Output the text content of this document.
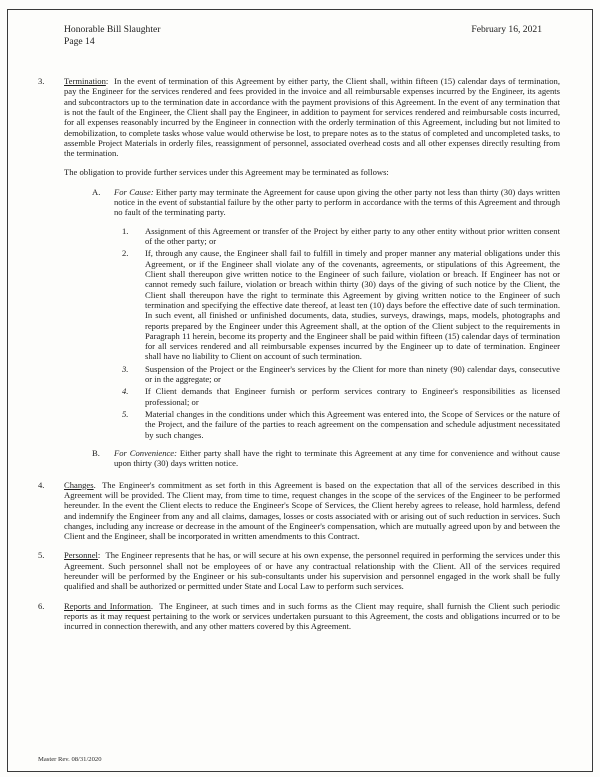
Honorable Bill Slaughter
Page 14
February 16, 2021
3. Termination: In the event of termination of this Agreement by either party, the Client shall, within fifteen (15) calendar days of termination, pay the Engineer for the services rendered and fees provided in the invoice and all reimbursable expenses incurred by the Engineer, its agents and subcontractors up to the termination date in accordance with the payment provisions of this Agreement. In the event of any termination that is not the fault of the Engineer, the Client shall pay the Engineer, in addition to payment for services rendered and reimbursable costs incurred, for all expenses reasonably incurred by the Engineer in connection with the orderly termination of this Agreement, including but not limited to demobilization, to complete tasks whose value would otherwise be lost, to prepare notes as to the status of completed and uncompleted tasks, to assemble Project Materials in orderly files, reassignment of personnel, associated overhead costs and all other expenses directly resulting from the termination.

The obligation to provide further services under this Agreement may be terminated as follows:

A. For Cause: Either party may terminate the Agreement for cause upon giving the other party not less than thirty (30) days written notice in the event of substantial failure by the other party to perform in accordance with the terms of this Agreement and through no fault of the terminating party.
1. Assignment of this Agreement or transfer of the Project by either party to any other entity without prior written consent of the other party; or
2. If, through any cause, the Engineer shall fail to fulfill in timely and proper manner any material obligations under this Agreement, or if the Engineer shall violate any of the covenants, agreements, or stipulations of this Agreement, the Client shall thereupon give written notice to the Engineer of such failure, violation or breach. If Engineer has not or cannot remedy such failure, violation or breach within thirty (30) days of the giving of such notice by the Client, the Client shall thereupon have the right to terminate this Agreement by giving written notice to the Engineer of such termination and specifying the effective date thereof, at least ten (10) days before the effective date of such termination. In such event, all finished or unfinished documents, data, studies, surveys, drawings, maps, models, photographs and reports prepared by the Engineer under this Agreement shall, at the option of the Client subject to the requirements in Paragraph 11 herein, become its property and the Engineer shall be paid within fifteen (15) calendar days of termination for all services rendered and all reimbursable expenses incurred by the Engineer up to date of termination. Engineer shall have no liability to Client on account of such termination.
3. Suspension of the Project or the Engineer's services by the Client for more than ninety (90) calendar days, consecutive or in the aggregate; or
4. If Client demands that Engineer furnish or perform services contrary to Engineer's responsibilities as licensed professional; or
5. Material changes in the conditions under which this Agreement was entered into, the Scope of Services or the nature of the Project, and the failure of the parties to reach agreement on the compensation and schedule adjustment necessitated by such changes.
B. For Convenience: Either party shall have the right to terminate this Agreement at any time for convenience and without cause upon thirty (30) days written notice.
4. Changes. The Engineer's commitment as set forth in this Agreement is based on the expectation that all of the services described in this Agreement will be provided. The Client may, from time to time, request changes in the scope of the services of the Engineer to be performed hereunder. In the event the Client elects to reduce the Engineer's Scope of Services, the Client hereby agrees to release, hold harmless, defend and indemnify the Engineer from any and all claims, damages, losses or costs associated with or arising out of such reduction in services. Such changes, including any increase or decrease in the amount of the Engineer's compensation, which are mutually agreed upon by and between the Client and the Engineer, shall be incorporated in written amendments to this Contract.
5. Personnel: The Engineer represents that he has, or will secure at his own expense, the personnel required in performing the services under this Agreement. Such personnel shall not be employees of or have any contractual relationship with the Client. All of the services required hereunder will be performed by the Engineer or his sub-consultants under his supervision and personnel engaged in the work shall be fully qualified and shall be authorized or permitted under State and Local Law to perform such services.
6. Reports and Information. The Engineer, at such times and in such forms as the Client may require, shall furnish the Client such periodic reports as it may request pertaining to the work or services undertaken pursuant to this Agreement, the costs and obligations incurred or to be incurred in connection therewith, and any other matters covered by this Agreement.
Master Rev. 08/31/2020
